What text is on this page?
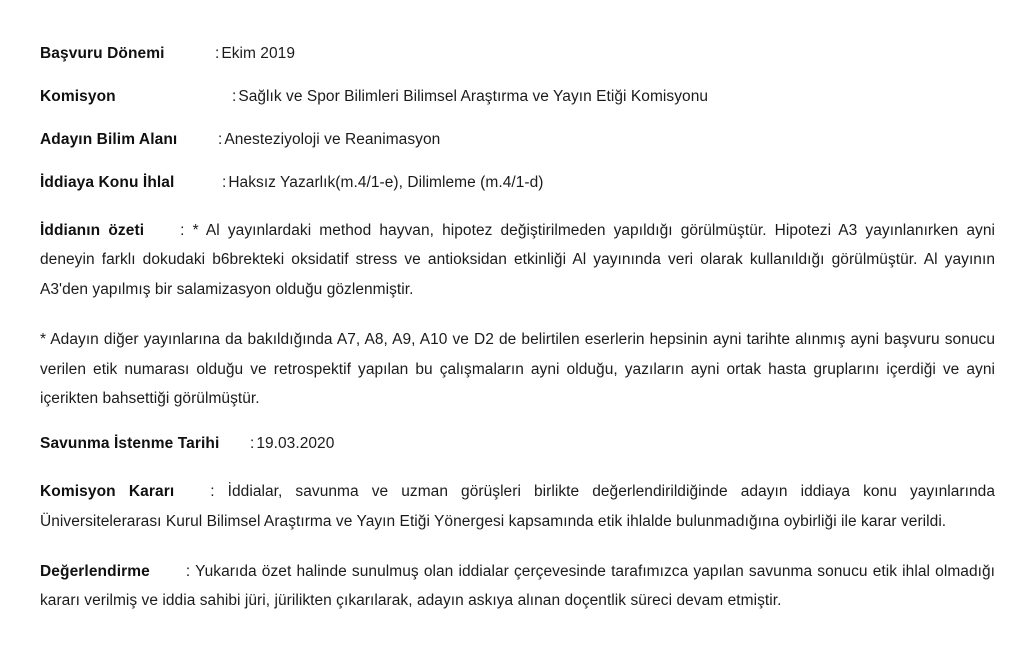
Başvuru Dönemi	: Ekim 2019
Komisyon	: Sağlık ve Spor Bilimleri Bilimsel Araştırma ve Yayın Etiği Komisyonu
Adayın Bilim Alanı	: Anesteziyoloji ve Reanimasyon
İddiaya Konu İhlal	: Haksız Yazarlık(m.4/1-e), Dilimleme (m.4/1-d)

İddianın özeti : * Al yayınlardaki method hayvan, hipotez değiştirilmeden yapıldığı görülmüştür. Hipotezi A3 yayınlanırken ayni deneyin farklı dokudaki b6brekteki oksidatif stress ve antioksidan etkinliği Al yayınında veri olarak kullanıldığı görülmüştür. Al yayının A3'den yapılmış bir salamizasyon olduğu gözlenmiştir.

* Adayın diğer yayınlarına da bakıldığında A7, A8, A9, A10 ve D2 de belirtilen eserlerin hepsinin ayni tarihte alınmış ayni başvuru sonucu verilen etik numarası olduğu ve retrospektif yapılan bu çalışmaların ayni olduğu, yazıların ayni ortak hasta gruplarını içerdiği ve ayni içerikten bahsettiği görülmüştür.

Savunma İstenme Tarihi	: 19.03.2020

Komisyon Kararı : İddialar, savunma ve uzman görüşleri birlikte değerlendirildiğinde adayın iddiaya konu yayınlarında Üniversitelerarası Kurul Bilimsel Araştırma ve Yayın Etiği Yönergesi kapsamında etik ihlalde bulunmadığına oybirliği ile karar verildi.

Değerlendirme : Yukarıda özet halinde sunulmuş olan iddialar çerçevesinde tarafımızca yapılan savunma sonucu etik ihlal olmadığı kararı verilmiş ve iddia sahibi jüri, jürilikten çıkarılarak, adayın askıya alınan doçentlik süreci devam etmiştir.
